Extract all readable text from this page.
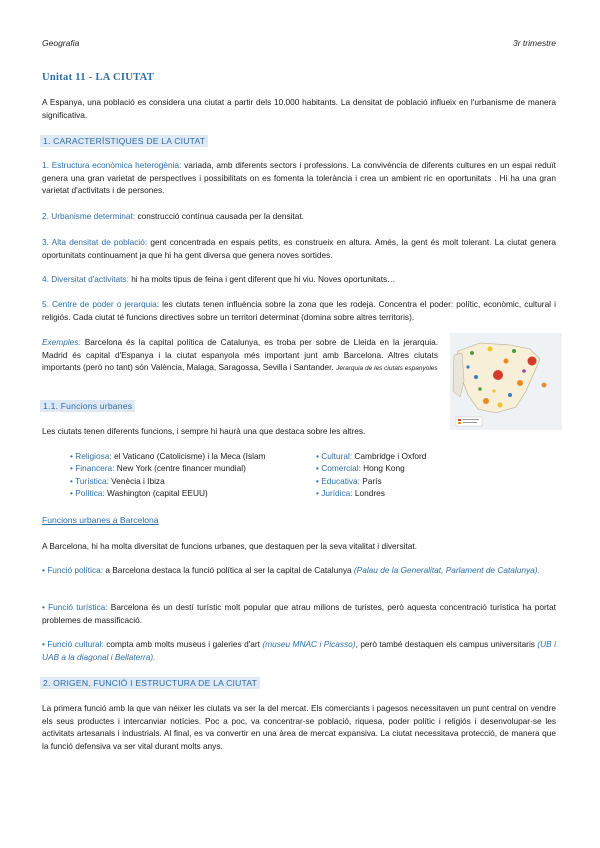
Geografia	3r trimestre
Unitat 11 - LA CIUTAT
A Espanya, una població es considera una ciutat a partir dels 10.000 habitants. La densitat de població influeix en l'urbanisme de manera significativa.
1. CARACTERÍSTIQUES DE LA CIUTAT
1. Estructura econòmica heterogènia: variada, amb diferents sectors i professions. La convivència de diferents cultures en un espai reduït genera una gran varietat de perspectives i possibilitats on es fomenta la tolerància i crea un ambient ric en oportunitats . Hi ha una gran varietat d'activitats i de persones.
2. Urbanisme determinat: construcció contínua causada per la densitat.
3. Alta densitat de població: gent concentrada en espais petits, es construeix en altura. Amés, la gent és molt tolerant. La ciutat genera oportunitats continuament ja que hi ha gent diversa que genera noves sortides.
4. Diversitat d'activitats: hi ha molts tipus de feina i gent diferent que hi viu. Noves oportunitats…
5. Centre de poder o jerarquia: les ciutats tenen influència sobre la zona que les rodeja. Concentra el poder: polític, econòmic, cultural i religiós. Cada ciutat té funcions directives sobre un territori determinat (domina sobre altres territoris).
Exemples: Barcelona és la capital política de Catalunya, es troba per sobre de Lleida en la jerarquia. Madrid és capital d'Espanya i la ciutat espanyola més important junt amb Barcelona. Altres ciutats importants (però no tant) són València, Malaga, Saragossa, Sevilla i Santander. Jerarquia de les ciutats espanyoles
1.1. Funcions urbanes
Les ciutats tenen diferents funcions, i sempre hi haurà una que destaca sobre les altres.
• Religiosa: el Vaticano (Catolicisme) i la Meca (Islam
• Financera: New York (centre financer mundial)
• Turística: Venècia i Ibiza
• Política: Washington (capital EEUU)
• Cultural: Cambridge i Oxford
• Comercial: Hong Kong
• Educativa: París
• Jurídica: Londres
Funcions urbanes a Barcelona
A Barcelona, hi ha molta diversitat de funcions urbanes, que destaquen per la seva vitalitat i diversitat.
• Funció política: a Barcelona destaca la funció política al ser la capital de Catalunya (Palau de la Generalitat, Parlament de Catalunya).
• Funció turística: Barcelona és un destí turístic molt popular que atrau milions de turistes, però aquesta concentració turística ha portat problemes de massificació.
• Funció cultural: compta amb molts museus i galeries d'art (museu MNAC i Picasso), però també destaquen els campus universitaris (UB i UAB a la diagonal i Bellaterra).
2. ORIGEN, FUNCIÓ I ESTRUCTURA DE LA CIUTAT
La primera funció amb la que van néixer les ciutats va ser la del mercat. Els comerciants i pagesos necessitaven un punt central on vendre els seus productes i intercanviar notícies. Poc a poc, va concentrar-se població, riquesa, poder polític i religiós i desenvolupar-se les activitats artesanals i industrials. Al final, es va convertir en una àrea de mercat expansiva. La ciutat necessitava protecció, de manera que la funció defensiva va ser vital durant molts anys.
